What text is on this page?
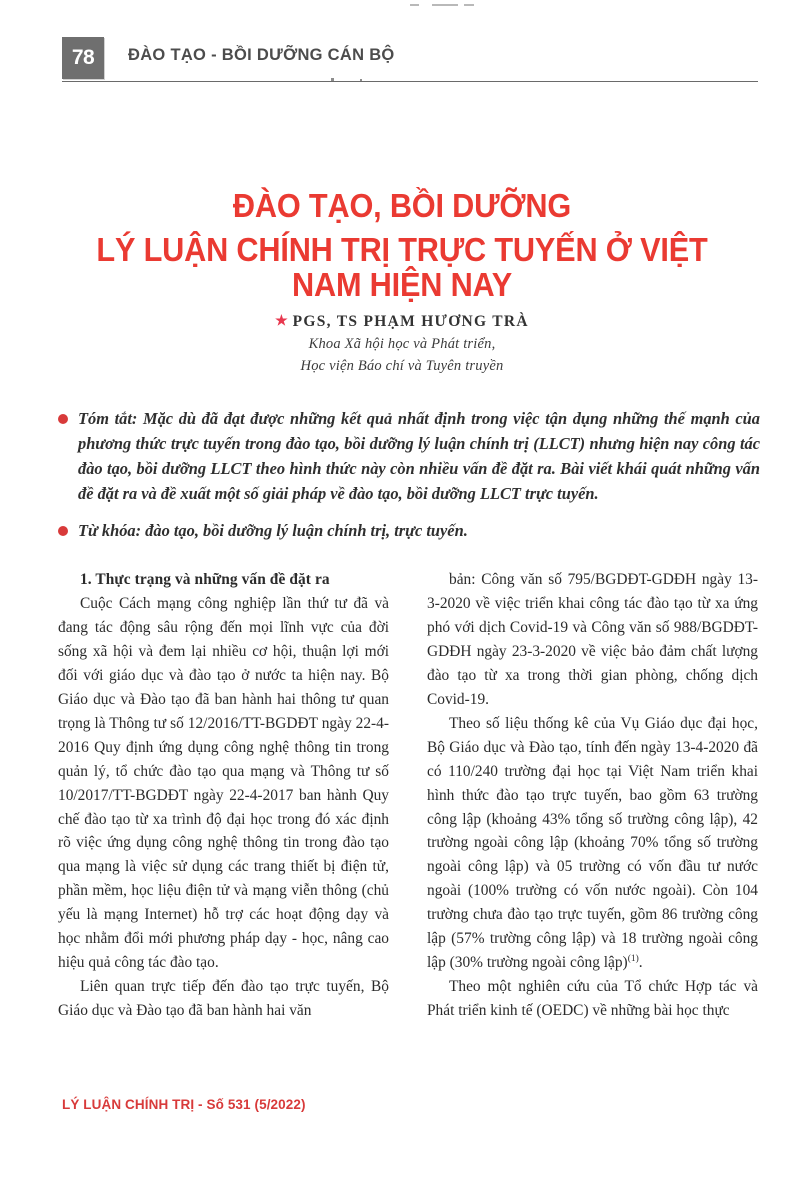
78	ĐÀO TẠO - BỒI DƯỠNG CÁN BỘ
ĐÀO TẠO, BỒI DƯỠNG
LÝ LUẬN CHÍNH TRỊ TRỰC TUYẾN Ở VIỆT NAM HIỆN NAY
★ PGS, TS PHẠM HƯƠNG TRÀ
Khoa Xã hội học và Phát triển,
Học viện Báo chí và Tuyên truyền
Tóm tắt: Mặc dù đã đạt được những kết quả nhất định trong việc tận dụng những thế mạnh của phương thức trực tuyến trong đào tạo, bồi dưỡng lý luận chính trị (LLCT) nhưng hiện nay công tác đào tạo, bồi dưỡng LLCT theo hình thức này còn nhiều vấn đề đặt ra. Bài viết khái quát những vấn đề đặt ra và đề xuất một số giải pháp về đào tạo, bồi dưỡng LLCT trực tuyến.
Từ khóa: đào tạo, bồi dưỡng lý luận chính trị, trực tuyến.

1. Thực trạng và những vấn đề đặt ra

Cuộc Cách mạng công nghiệp lần thứ tư đã và đang tác động sâu rộng đến mọi lĩnh vực của đời sống xã hội và đem lại nhiều cơ hội, thuận lợi mới đối với giáo dục và đào tạo ở nước ta hiện nay. Bộ Giáo dục và Đào tạo đã ban hành hai thông tư quan trọng là Thông tư số 12/2016/TT-BGDĐT ngày 22-4-2016 Quy định ứng dụng công nghệ thông tin trong quản lý, tổ chức đào tạo qua mạng và Thông tư số 10/2017/TT-BGDĐT ngày 22-4-2017 ban hành Quy chế đào tạo từ xa trình độ đại học trong đó xác định rõ việc ứng dụng công nghệ thông tin trong đào tạo qua mạng là việc sử dụng các trang thiết bị điện tử, phần mềm, học liệu điện tử và mạng viễn thông (chủ yếu là mạng Internet) hỗ trợ các hoạt động dạy và học nhằm đổi mới phương pháp dạy - học, nâng cao hiệu quả công tác đào tạo.

Liên quan trực tiếp đến đào tạo trực tuyến, Bộ Giáo dục và Đào tạo đã ban hành hai văn

bản: Công văn số 795/BGDĐT-GDĐH ngày 13-3-2020 về việc triển khai công tác đào tạo từ xa ứng phó với dịch Covid-19 và Công văn số 988/BGDĐT-GDĐH ngày 23-3-2020 về việc bảo đảm chất lượng đào tạo từ xa trong thời gian phòng, chống dịch Covid-19.

Theo số liệu thống kê của Vụ Giáo dục đại học, Bộ Giáo dục và Đào tạo, tính đến ngày 13-4-2020 đã có 110/240 trường đại học tại Việt Nam triển khai hình thức đào tạo trực tuyến, bao gồm 63 trường công lập (khoảng 43% tổng số trường công lập), 42 trường ngoài công lập (khoảng 70% tổng số trường ngoài công lập) và 05 trường có vốn đầu tư nước ngoài (100% trường có vốn nước ngoài). Còn 104 trường chưa đào tạo trực tuyến, gồm 86 trường công lập (57% trường công lập) và 18 trường ngoài công lập (30% trường ngoài công lập)$^{(1)}$.

Theo một nghiên cứu của Tổ chức Hợp tác và Phát triển kinh tế (OEDC) về những bài học thực

LÝ LUẬN CHÍNH TRỊ - Số 531 (5/2022)
